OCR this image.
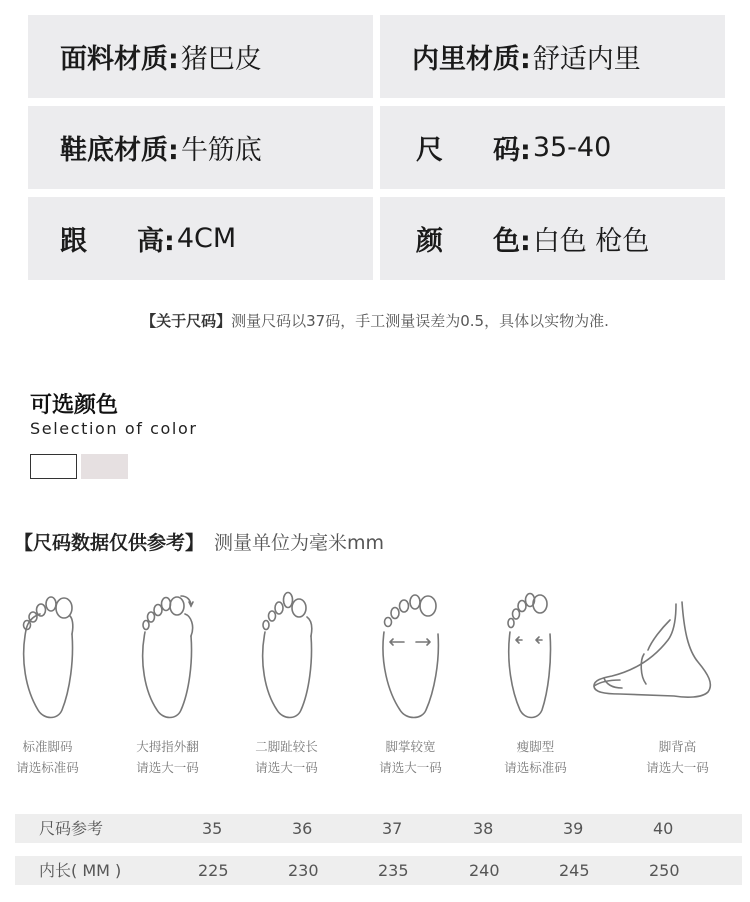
面料材质: 猪巴皮	内里材质: 舒适内里
鞋底材质: 牛筋底	尺 码: 35-40
跟 高: 4CM	颜 色: 白色 枪色
【关于尺码】测量尺码以37码，手工测量误差为0.5，具体以实物为准.
可选颜色
Selection of color
【尺码数据仅供参考】 测量单位为毫米mm
标准脚码
请选标准码
大拇指外翻
请选大一码
二脚趾较长
请选大一码
脚掌较宽
请选大一码
瘦脚型
请选标准码
脚背高
请选大一码
尺码参考	35	36	37	38	39	40
内长( MM )	225	230	235	240	245	250
